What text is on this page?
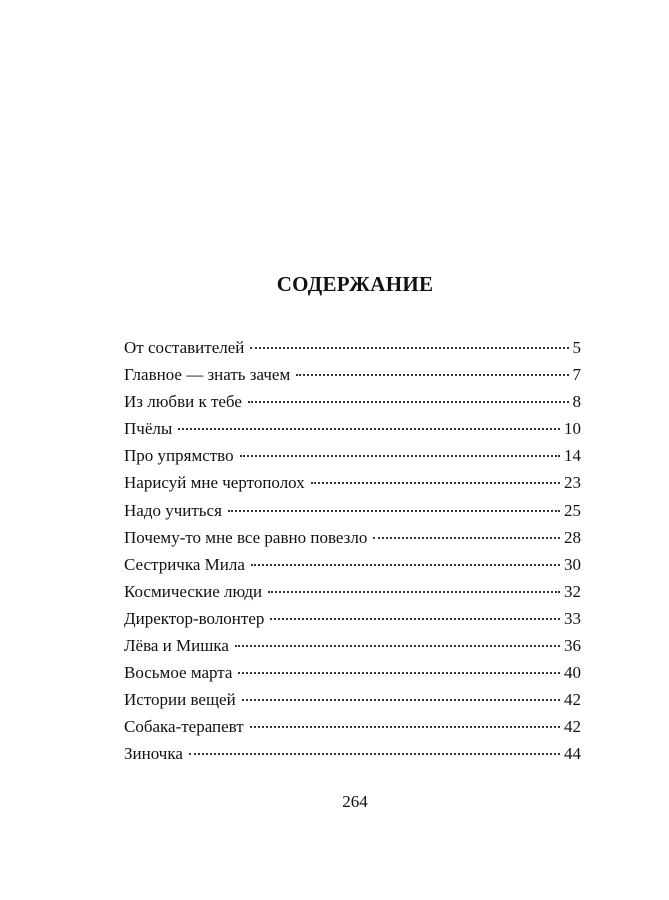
СОДЕРЖАНИЕ
От составителей	5
Главное — знать зачем	7
Из любви к тебе	8
Пчёлы	10
Про упрямство	14
Нарисуй мне чертополох	23
Надо учиться	25
Почему-то мне все равно повезло	28
Сестричка Мила	30
Космические люди	32
Директор-волонтер	33
Лёва и Мишка	36
Восьмое марта	40
Истории вещей	42
Собака-терапевт	42
Зиночка	44
264
